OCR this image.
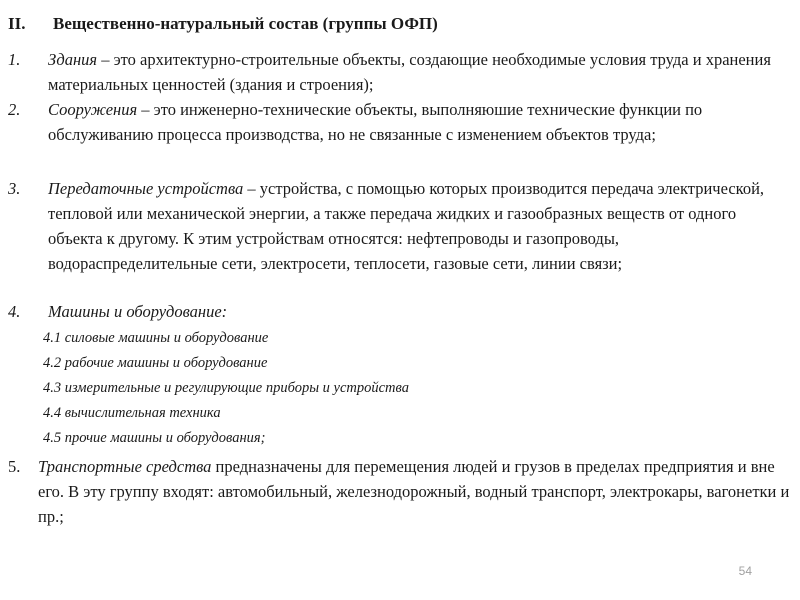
II. Вещественно-натуральный состав (группы ОФП)
1. Здания – это архитектурно-строительные объекты, создающие необходимые условия труда и хранения материальных ценностей (здания и строения);
2. Сооружения – это инженерно-технические объекты, выполняюшие технические функции по обслуживанию процесса производства, но не связанные с изменением объектов труда;
3. Передаточные устройства – устройства, с помощью которых производится передача электрической, тепловой или механической энергии, а также передача жидких и газообразных веществ от одного объекта к другому. К этим устройствам относятся: нефтепроводы и газопроводы, водораспределительные сети, электросети, теплосети, газовые сети, линии связи;
4. Машины и оборудование:
4.1 силовые машины и оборудование
4.2 рабочие машины и оборудование
4.3 измерительные и регулирующие приборы и устройства
4.4 вычислительная техника
4.5 прочие машины и оборудования;
5. Транспортные средства предназначены для перемещения людей и грузов в пределах предприятия и вне его. В эту группу входят: автомобильный, железнодорожный, водный транспорт, электрокары, вагонетки и пр.;
54
